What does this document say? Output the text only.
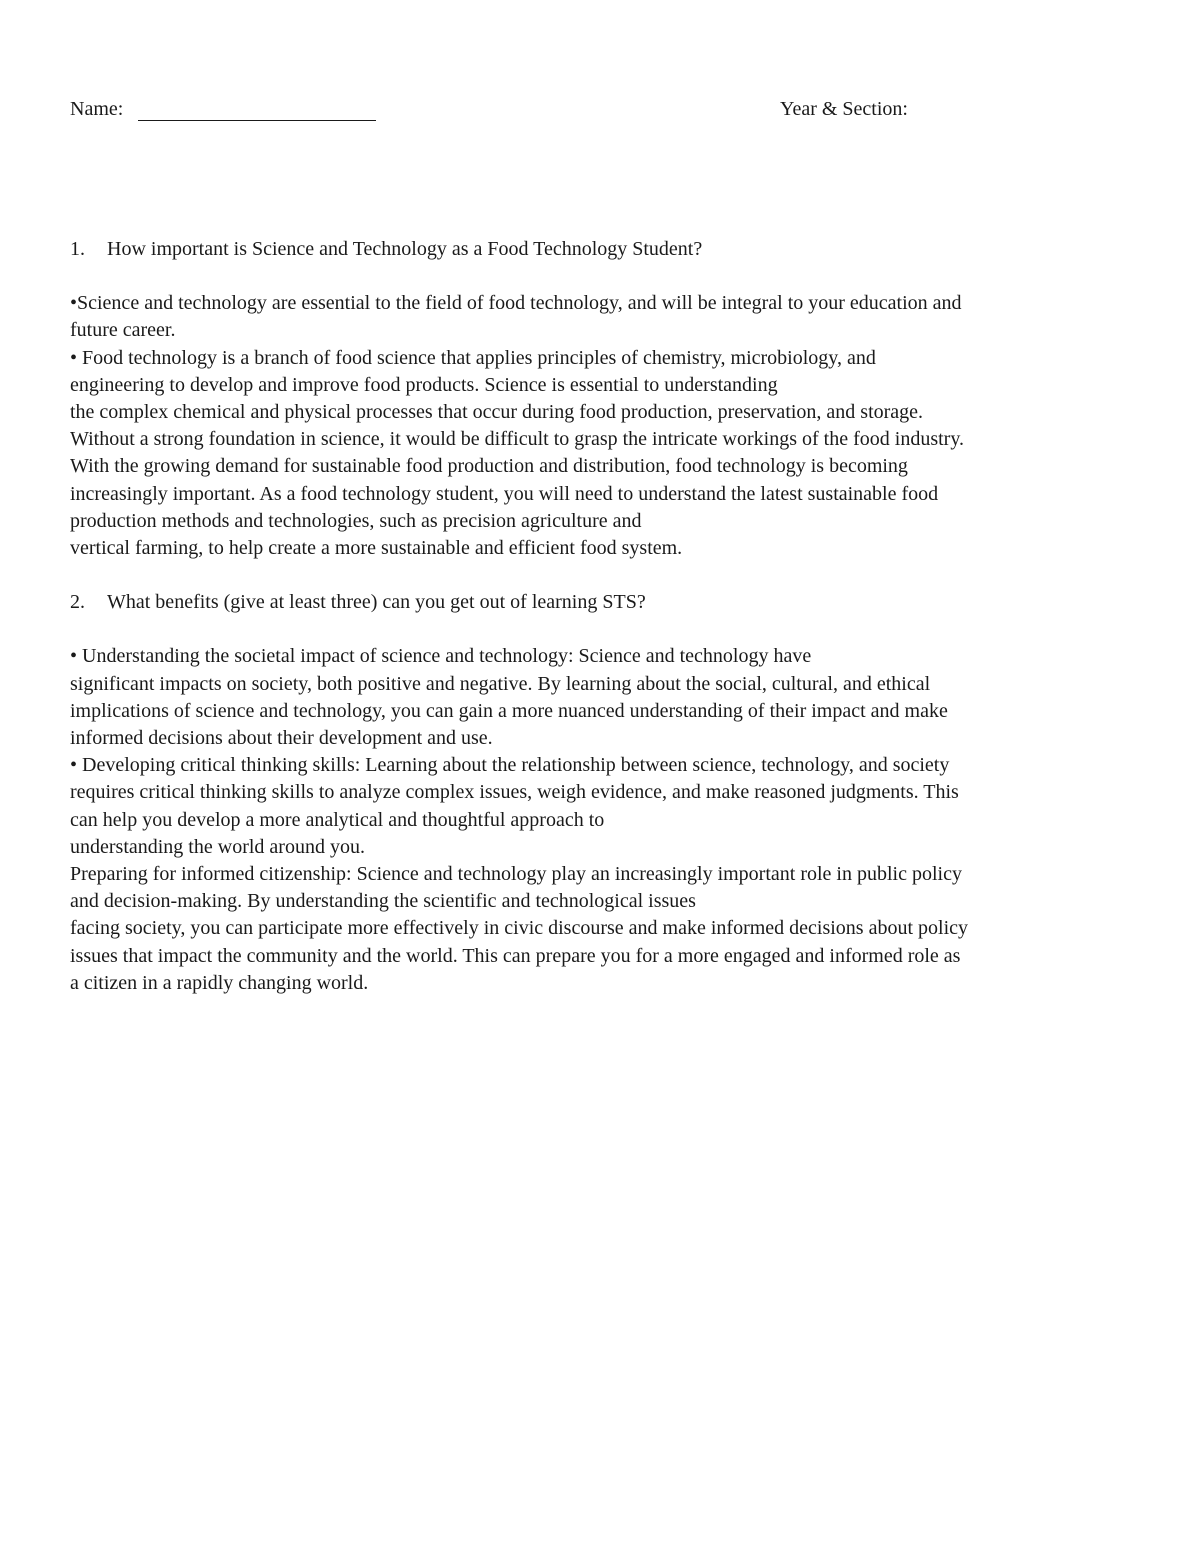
Name:	Year & Section:
1.	How important is Science and Technology as a Food Technology Student?
•Science and technology are essential to the field of food technology, and will be integral to your education and
future career.
• Food technology is a branch of food science that applies principles of chemistry, microbiology, and
engineering to develop and improve food products. Science is essential to understanding
the complex chemical and physical processes that occur during food production, preservation, and storage.
Without a strong foundation in science, it would be difficult to grasp the intricate workings of the food industry.
With the growing demand for sustainable food production and distribution, food technology is becoming
increasingly important. As a food technology student, you will need to understand the latest sustainable food
production methods and technologies, such as precision agriculture and
vertical farming, to help create a more sustainable and efficient food system.
2.	What benefits (give at least three) can you get out of learning STS?
• Understanding the societal impact of science and technology: Science and technology have
significant impacts on society, both positive and negative. By learning about the social, cultural, and ethical
implications of science and technology, you can gain a more nuanced understanding of their impact and make
informed decisions about their development and use.
• Developing critical thinking skills: Learning about the relationship between science, technology, and society
requires critical thinking skills to analyze complex issues, weigh evidence, and make reasoned judgments. This
can help you develop a more analytical and thoughtful approach to
understanding the world around you.
Preparing for informed citizenship: Science and technology play an increasingly important role in public policy
and decision-making. By understanding the scientific and technological issues
facing society, you can participate more effectively in civic discourse and make informed decisions about policy
issues that impact the community and the world. This can prepare you for a more engaged and informed role as
a citizen in a rapidly changing world.
